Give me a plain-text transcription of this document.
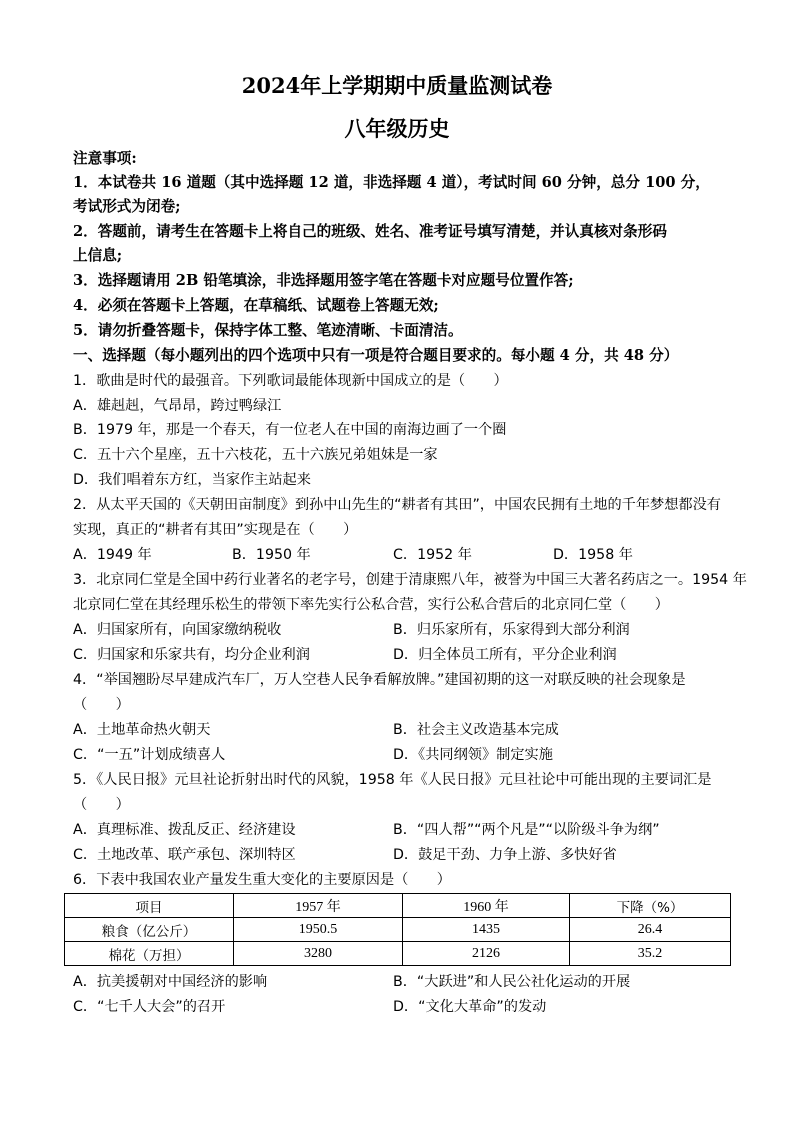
2024年上学期期中质量监测试卷
八年级历史
注意事项:
1．本试卷共 16 道题（其中选择题 12 道，非选择题 4 道），考试时间 60 分钟，总分 100 分，
考试形式为闭卷;
2．答题前，请考生在答题卡上将自己的班级、姓名、准考证号填写清楚，并认真核对条形码
上信息;
3．选择题请用 2B 铅笔填涂，非选择题用签字笔在答题卡对应题号位置作答;
4．必须在答题卡上答题，在草稿纸、试题卷上答题无效;
5．请勿折叠答题卡，保持字体工整、笔迹清晰、卡面清洁。
一、选择题（每小题列出的四个选项中只有一项是符合题目要求的。每小题 4 分，共 48 分）
1．歌曲是时代的最强音。下列歌词最能体现新中国成立的是（　　）
A．雄赳赳，气昂昂，跨过鸭绿江
B．1979 年，那是一个春天，有一位老人在中国的南海边画了一个圈
C．五十六个星座，五十六枝花，五十六族兄弟姐妹是一家
D．我们唱着东方红，当家作主站起来
2．从太平天国的《天朝田亩制度》到孙中山先生的“耕者有其田”，中国农民拥有土地的千年梦想都没有
实现，真正的“耕者有其田”实现是在（　　）
A．1949 年	B．1950 年	C．1952 年	D．1958 年
3．北京同仁堂是全国中药行业著名的老字号，创建于清康熙八年，被誉为中国三大著名药店之一。1954 年
北京同仁堂在其经理乐松生的带领下率先实行公私合营，实行公私合营后的北京同仁堂（　　）
A．归国家所有，向国家缴纳税收	B．归乐家所有，乐家得到大部分利润
C．归国家和乐家共有，均分企业利润	D．归全体员工所有，平分企业利润
4．“举国翘盼尽早建成汽车厂，万人空巷人民争看解放牌。”建国初期的这一对联反映的社会现象是
（　　）
A．土地革命热火朝天	B．社会主义改造基本完成
C．“一五”计划成绩喜人	D．《共同纲领》制定实施
5．《人民日报》元旦社论折射出时代的风貌，1958 年《人民日报》元旦社论中可能出现的主要词汇是
（　　）
A．真理标准、拨乱反正、经济建设	B．“四人帮”“两个凡是”“以阶级斗争为纲”
C．土地改革、联产承包、深圳特区	D．鼓足干劲、力争上游、多快好省
6．下表中我国农业产量发生重大变化的主要原因是（　　）
项目	1957 年	1960 年	下降（%）
粮食（亿公斤）	1950.5	1435	26.4
棉花（万担）	3280	2126	35.2
A．抗美援朝对中国经济的影响	B．“大跃进”和人民公社化运动的开展
C．“七千人大会”的召开	D．“文化大革命”的发动
